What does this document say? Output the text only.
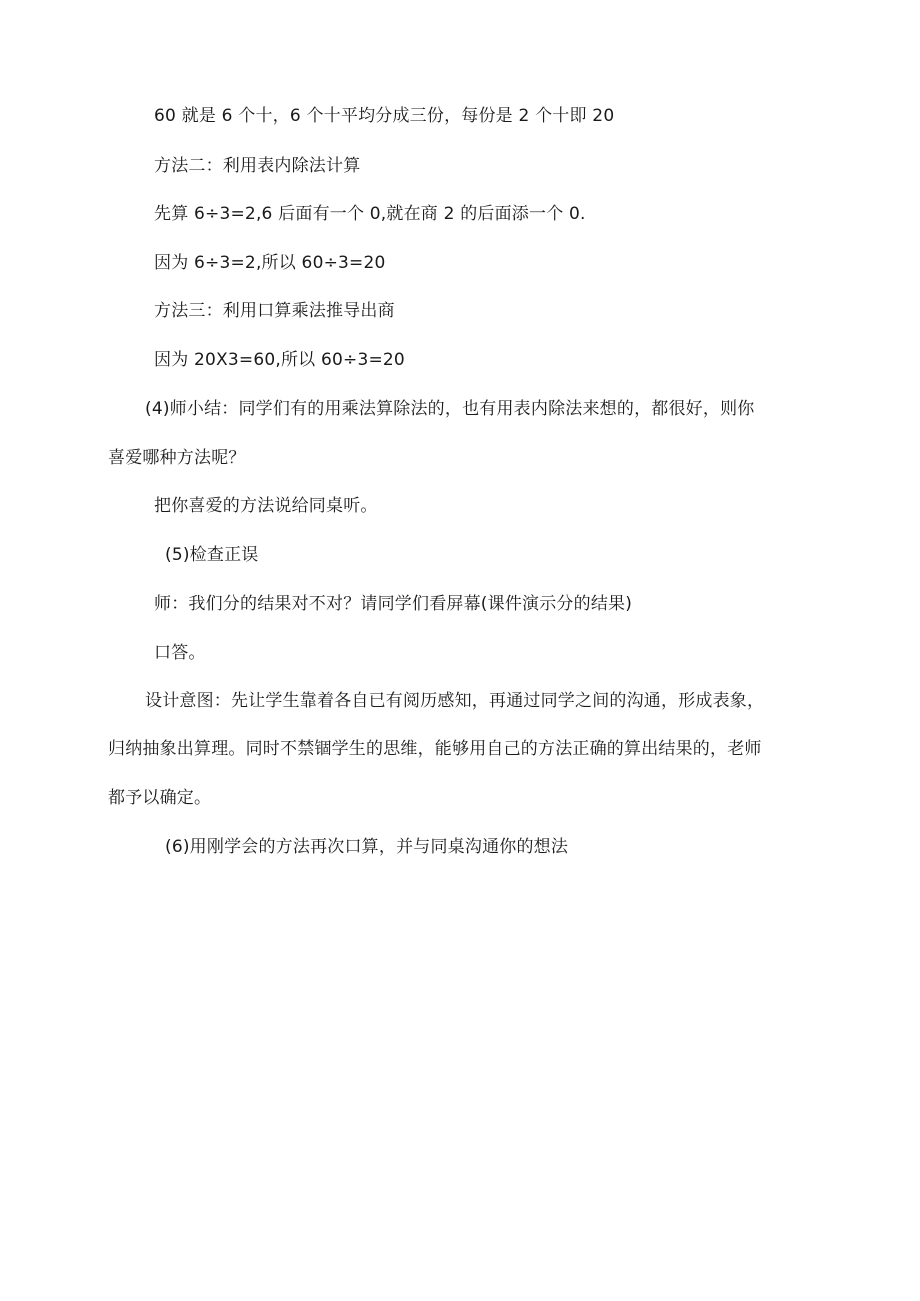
60 就是 6 个十，6 个十平均分成三份，每份是 2 个十即 20
方法二：利用表内除法计算
先算 6÷3=2,6 后面有一个 0,就在商 2 的后面添一个 0.
因为 6÷3=2,所以 60÷3=20
方法三：利用口算乘法推导出商
因为 20X3=60,所以 60÷3=20
(4)师小结：同学们有的用乘法算除法的，也有用表内除法来想的，都很好，则你
喜爱哪种方法呢？
把你喜爱的方法说给同桌听。
(5)检查正误
师：我们分的结果对不对？请同学们看屏幕(课件演示分的结果)
口答。
设计意图：先让学生靠着各自已有阅历感知，再通过同学之间的沟通，形成表象，
归纳抽象出算理。同时不禁锢学生的思维，能够用自己的方法正确的算出结果的，老师
都予以确定。
(6)用刚学会的方法再次口算，并与同桌沟通你的想法
